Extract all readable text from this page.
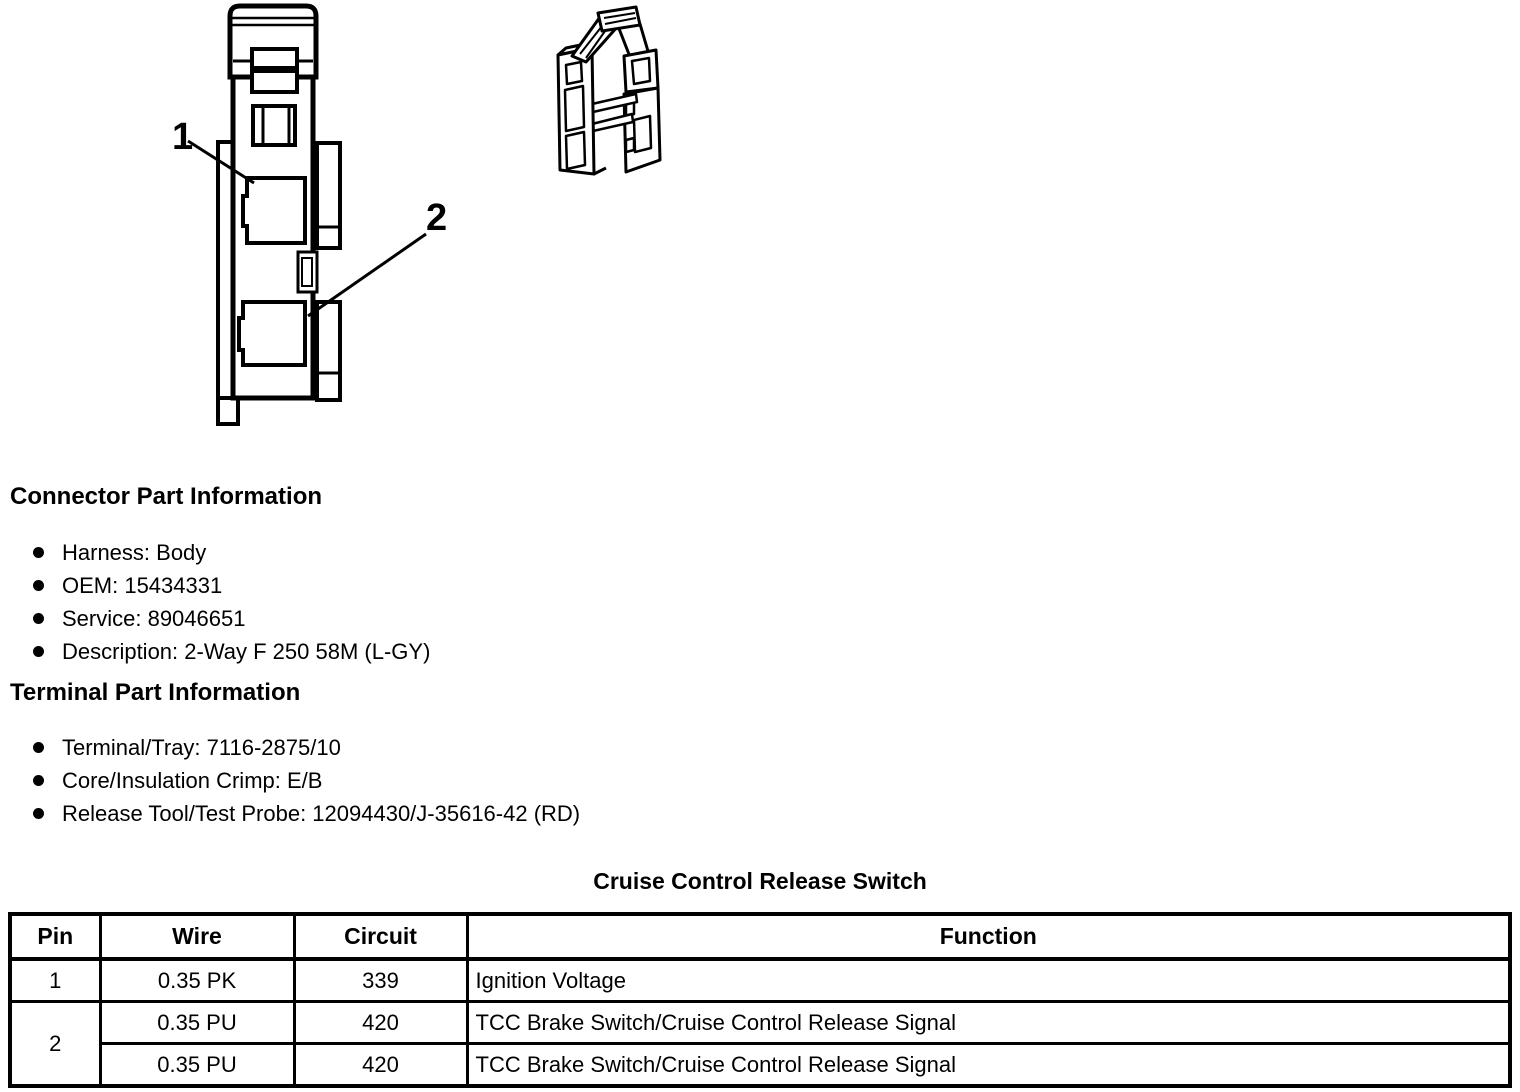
1
2
Connector Part Information
Harness: Body
OEM: 15434331
Service: 89046651
Description: 2-Way F 250 58M (L-GY)
Terminal Part Information
Terminal/Tray: 7116-2875/10
Core/Insulation Crimp: E/B
Release Tool/Test Probe: 12094430/J-35616-42 (RD)
Cruise Control Release Switch
Pin	Wire	Circuit	Function
1	0.35 PK	339	Ignition Voltage
2	0.35 PU	420	TCC Brake Switch/Cruise Control Release Signal
	0.35 PU	420	TCC Brake Switch/Cruise Control Release Signal
